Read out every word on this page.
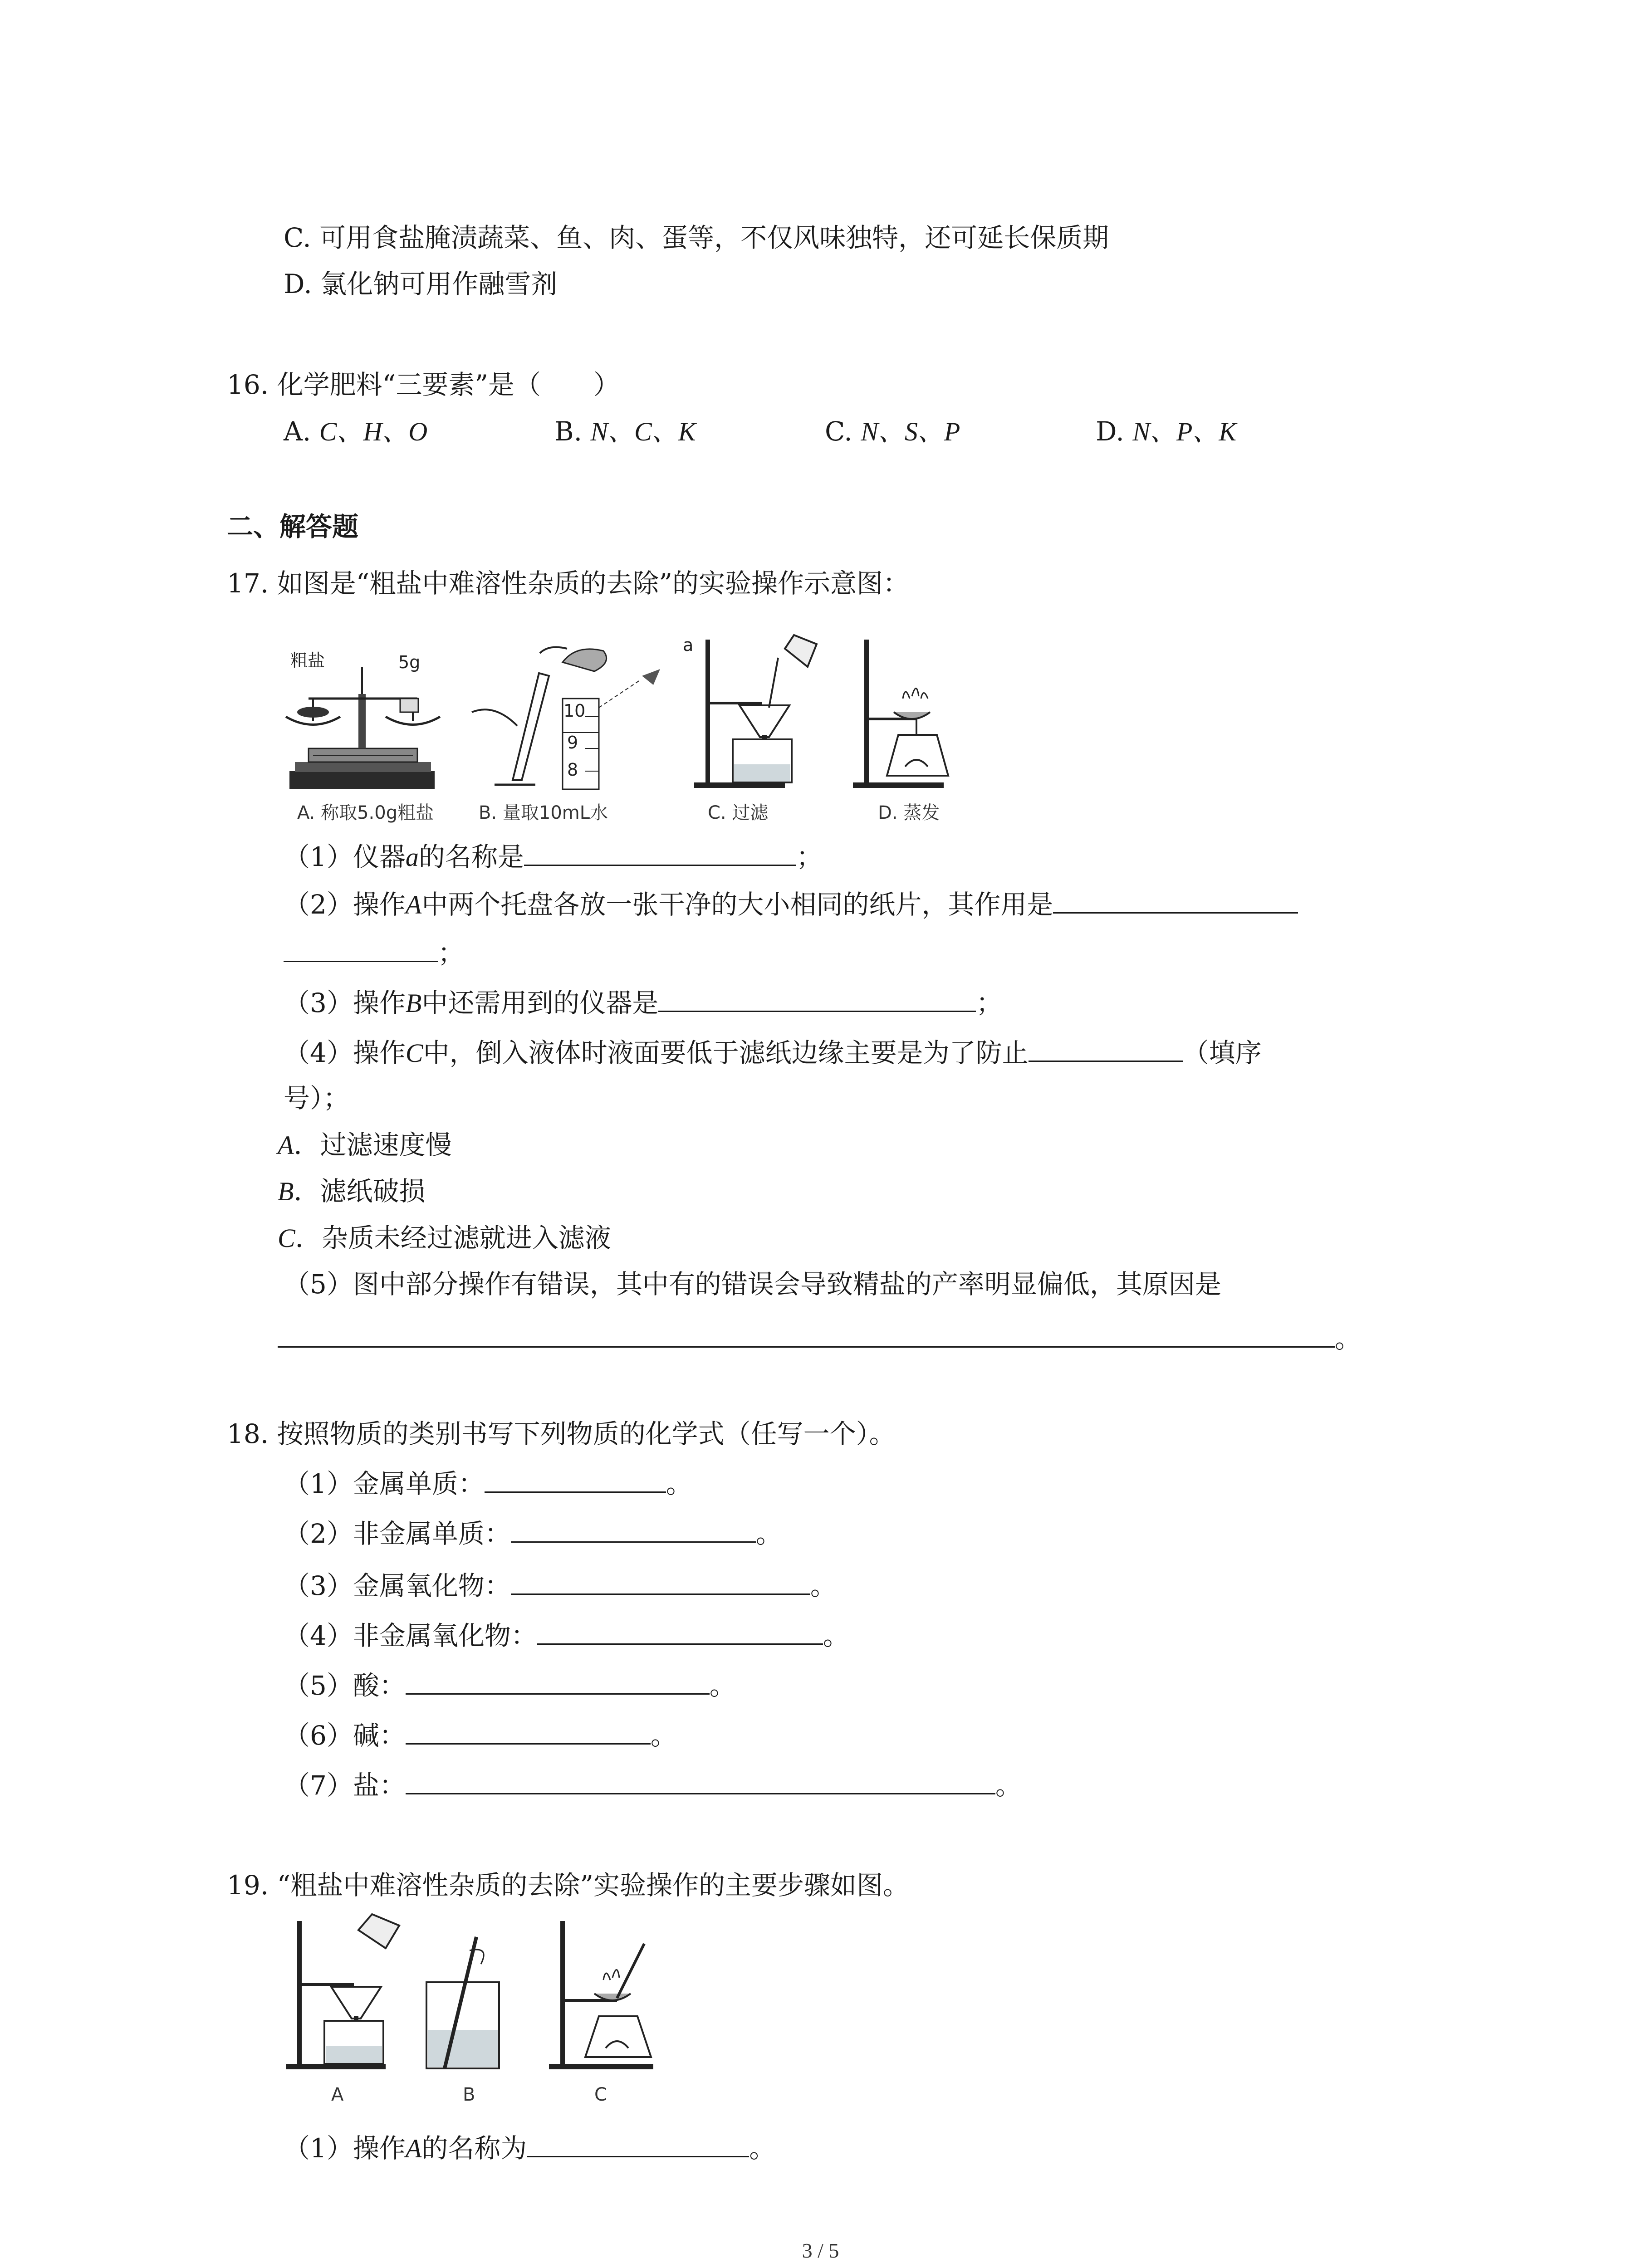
C. 可用食盐腌渍蔬菜、鱼、肉、蛋等，不仅风味独特，还可延长保质期
D. 氯化钠可用作融雪剂
16. 化学肥料“三要素”是（　　）
A. C、H、O	B. N、C、K	C. N、S、P	D. N、P、K
二、解答题
17. 如图是“粗盐中难溶性杂质的去除”的实验操作示意图：
粗盐	5g
A. 称取5.0g粗盐
10
9
8
B. 量取10mL水
a
C. 过滤	D. 蒸发
（1）仪器a的名称是	；
（2）操作A中两个托盘各放一张干净的大小相同的纸片，其作用是
；
（3）操作B中还需用到的仪器是	；
（4）操作C中，倒入液体时液面要低于滤纸边缘主要是为了防止	（填序
号）；
A．过滤速度慢
B．滤纸破损
C．杂质未经过滤就进入滤液
（5）图中部分操作有错误，其中有的错误会导致精盐的产率明显偏低，其原因是
。
18. 按照物质的类别书写下列物质的化学式（任写一个）。
（1）金属单质：	。
（2）非金属单质：	。
（3）金属氧化物：	。
（4）非金属氧化物：	。
（5）酸：	。
（6）碱：	。
（7）盐：	。
19. “粗盐中难溶性杂质的去除”实验操作的主要步骤如图。
A	B	C
（1）操作A的名称为	。
3 / 5
